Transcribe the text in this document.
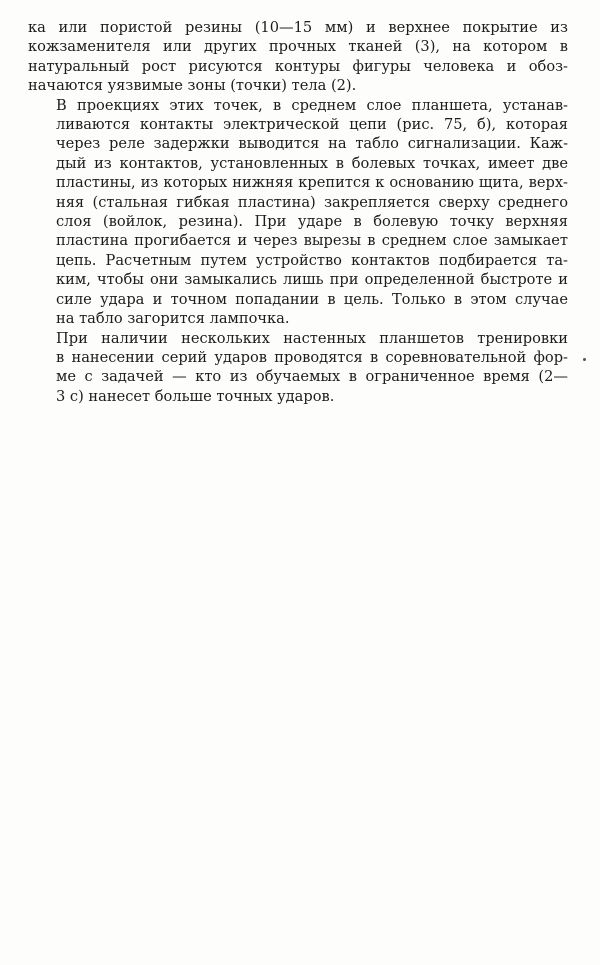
ка или пористой резины (10—15 мм) и верхнее покрытие из
кожзаменителя или других прочных тканей (3), на котором в
натуральный рост рисуются контуры фигуры человека и обоз-
начаются уязвимые зоны (точки) тела (2).

В проекциях этих точек, в среднем слое планшета, устанав-
ливаются контакты электрической цепи (рис. 75, б), которая
через реле задержки выводится на табло сигнализации. Каж-
дый из контактов, установленных в болевых точках, имеет две
пластины, из которых нижняя крепится к основанию щита, верх-
няя (стальная гибкая пластина) закрепляется сверху среднего
слоя (войлок, резина). При ударе в болевую точку верхняя
пластина прогибается и через вырезы в среднем слое замыкает
цепь. Расчетным путем устройство контактов подбирается та-
ким, чтобы они замыкались лишь при определенной быстроте и
силе удара и точном попадании в цель. Только в этом случае
на табло загорится лампочка.

При наличии нескольких настенных планшетов тренировки
в нанесении серий ударов проводятся в соревновательной фор-
ме с задачей — кто из обучаемых в ограниченное время (2—
3 с) нанесет больше точных ударов.
